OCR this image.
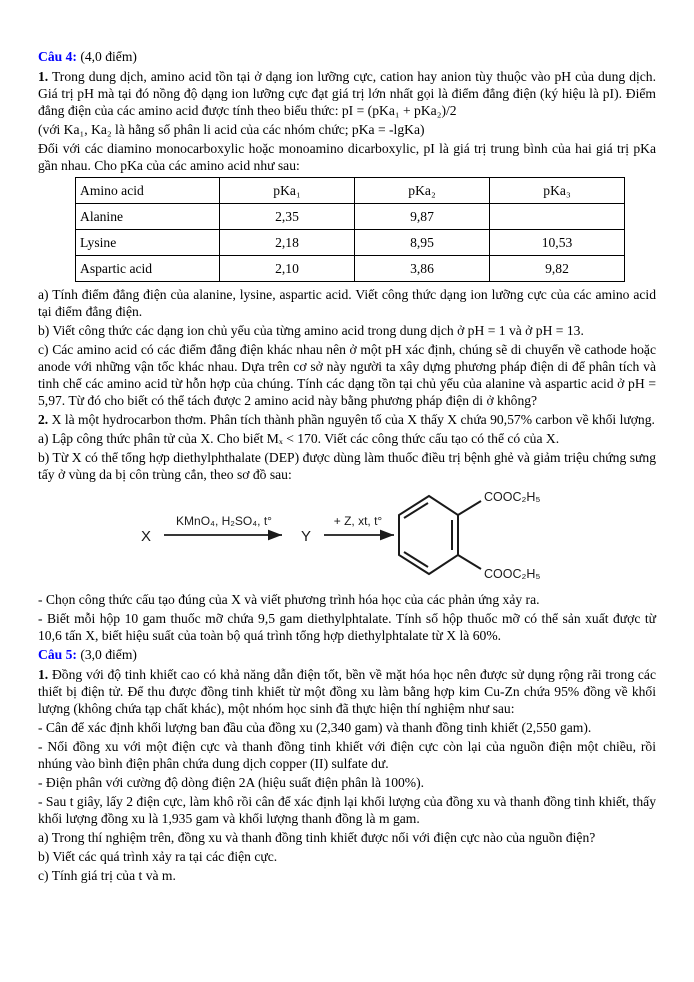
Câu 4: (4,0 điểm)

1. Trong dung dịch, amino acid tồn tại ở dạng ion lưỡng cực, cation hay anion tùy thuộc vào pH của dung dịch. Giá trị pH mà tại đó nồng độ dạng ion lưỡng cực đạt giá trị lớn nhất gọi là điểm đẳng điện (ký hiệu là pI). Điểm đẳng điện của các amino acid được tính theo biểu thức: pI = (pKa₁ + pKa₂)/2

(với Ka₁, Ka₂ là hằng số phân li acid của các nhóm chức; pKa = -lgKa)

Đối với các diamino monocarboxylic hoặc monoamino dicarboxylic, pI là giá trị trung bình của hai giá trị pKa gần nhau. Cho pKa của các amino acid như sau:

Amino acid	pKa₁	pKa₂	pKa₃
Alanine	2,35	9,87	
Lysine	2,18	8,95	10,53
Aspartic acid	2,10	3,86	9,82

a) Tính điểm đẳng điện của alanine, lysine, aspartic acid. Viết công thức dạng ion lưỡng cực của các amino acid tại điểm đẳng điện.

b) Viết công thức các dạng ion chủ yếu của từng amino acid trong dung dịch ở pH = 1 và ở pH = 13.

c) Các amino acid có các điểm đẳng điện khác nhau nên ở một pH xác định, chúng sẽ di chuyển về cathode hoặc anode với những vận tốc khác nhau. Dựa trên cơ sở này người ta xây dựng phương pháp điện di để phân tích và tinh chế các amino acid từ hỗn hợp của chúng. Tính các dạng tồn tại chủ yếu của alanine và aspartic acid ở pH = 5,97. Từ đó cho biết có thể tách được 2 amino acid này bằng phương pháp điện di ở không?

2. X là một hydrocarbon thơm. Phân tích thành phần nguyên tố của X thấy X chứa 90,57% carbon về khối lượng.

a) Lập công thức phân tử của X. Cho biết Mₓ < 170. Viết các công thức cấu tạo có thể có của X.

b) Từ X có thể tổng hợp diethylphthalate (DEP) được dùng làm thuốc điều trị bệnh ghẻ và giảm triệu chứng sưng tấy ở vùng da bị côn trùng cắn, theo sơ đồ sau:

X
KMnO₄, H₂SO₄, t°
Y
+ Z, xt, t°
COOC₂H₅
COOC₂H₅

- Chọn công thức cấu tạo đúng của X và viết phương trình hóa học của các phản ứng xảy ra.

- Biết mỗi hộp 10 gam thuốc mỡ chứa 9,5 gam diethylphtalate. Tính số hộp thuốc mỡ có thể sản xuất được từ 10,6 tấn X, biết hiệu suất của toàn bộ quá trình tổng hợp diethylphtalate từ X là 60%.

Câu 5: (3,0 điểm)

1. Đồng với độ tinh khiết cao có khả năng dẫn điện tốt, bền về mặt hóa học nên được sử dụng rộng rãi trong các thiết bị điện tử. Để thu được đồng tinh khiết từ một đồng xu làm bằng hợp kim Cu-Zn chứa 95% đồng về khối lượng (không chứa tạp chất khác), một nhóm học sinh đã thực hiện thí nghiệm như sau:

- Cân để xác định khối lượng ban đầu của đồng xu (2,340 gam) và thanh đồng tinh khiết (2,550 gam).

- Nối đồng xu với một điện cực và thanh đồng tinh khiết với điện cực còn lại của nguồn điện một chiều, rồi nhúng vào bình điện phân chứa dung dịch copper (II) sulfate dư.

- Điện phân với cường độ dòng điện 2A (hiệu suất điện phân là 100%).

- Sau t giây, lấy 2 điện cực, làm khô rồi cân để xác định lại khối lượng của đồng xu và thanh đồng tinh khiết, thấy khối lượng đồng xu là 1,935 gam và khối lượng thanh đồng là m gam.

a) Trong thí nghiệm trên, đồng xu và thanh đồng tinh khiết được nối với điện cực nào của nguồn điện?

b) Viết các quá trình xảy ra tại các điện cực.

c) Tính giá trị của t và m.
